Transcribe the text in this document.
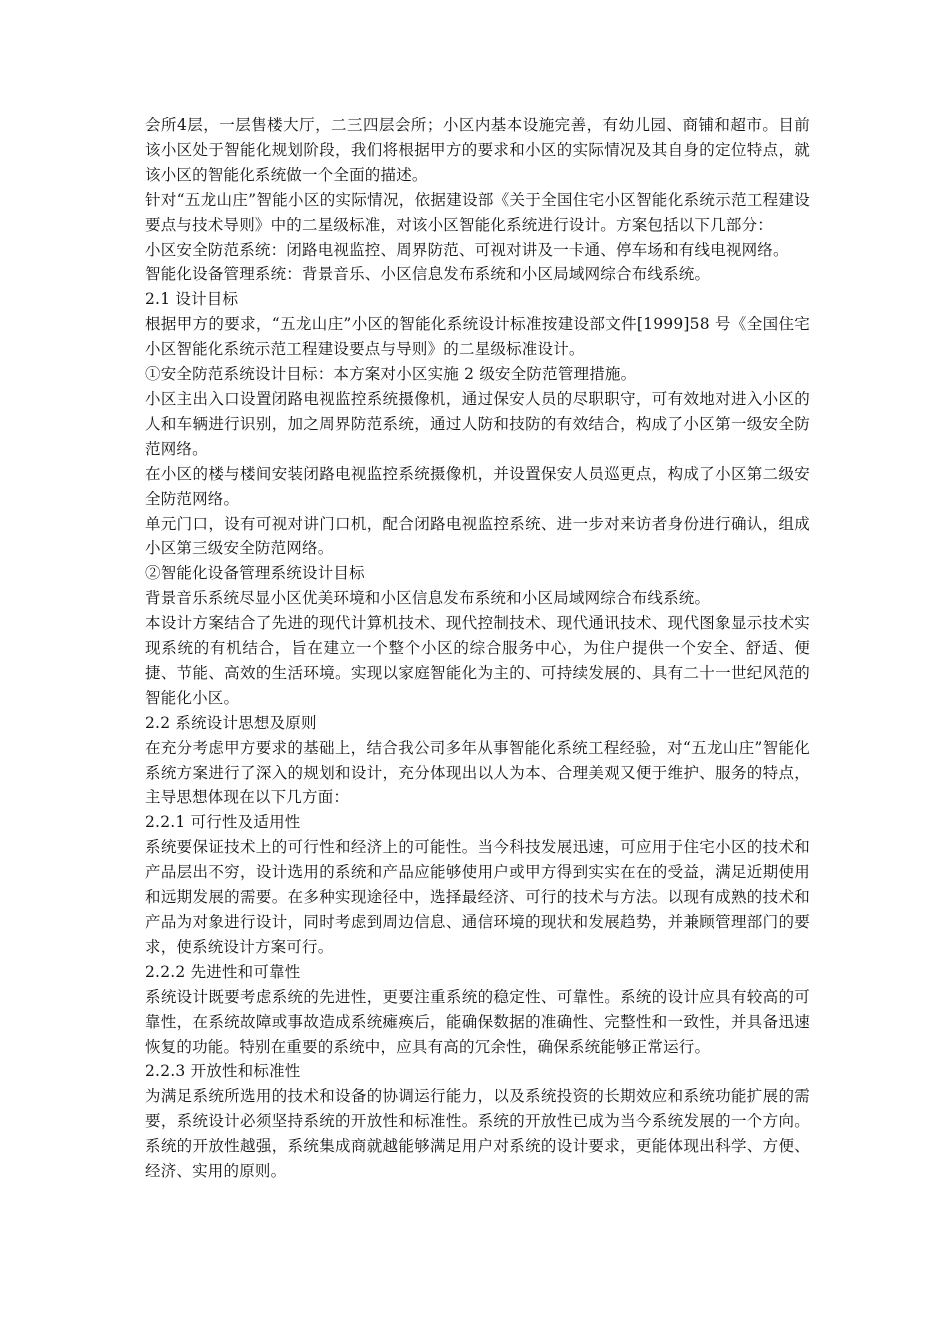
会所4层，一层售楼大厅，二三四层会所；小区内基本设施完善，有幼儿园、商铺和超市。目前该小区处于智能化规划阶段，我们将根据甲方的要求和小区的实际情况及其自身的定位特点，就该小区的智能化系统做一个全面的描述。

针对“五龙山庄”智能小区的实际情况，依据建设部《关于全国住宅小区智能化系统示范工程建设要点与技术导则》中的二星级标准，对该小区智能化系统进行设计。方案包括以下几部分：

小区安全防范系统：闭路电视监控、周界防范、可视对讲及一卡通、停车场和有线电视网络。

智能化设备管理系统：背景音乐、小区信息发布系统和小区局域网综合布线系统。

2.1 设计目标

根据甲方的要求，“五龙山庄”小区的智能化系统设计标准按建设部文件[1999]58 号《全国住宅小区智能化系统示范工程建设要点与导则》的二星级标准设计。

①安全防范系统设计目标：本方案对小区实施 2 级安全防范管理措施。

小区主出入口设置闭路电视监控系统摄像机，通过保安人员的尽职职守，可有效地对进入小区的人和车辆进行识别，加之周界防范系统，通过人防和技防的有效结合，构成了小区第一级安全防范网络。

在小区的楼与楼间安装闭路电视监控系统摄像机，并设置保安人员巡更点，构成了小区第二级安全防范网络。

单元门口，设有可视对讲门口机，配合闭路电视监控系统、进一步对来访者身份进行确认，组成小区第三级安全防范网络。

②智能化设备管理系统设计目标

背景音乐系统尽显小区优美环境和小区信息发布系统和小区局域网综合布线系统。

本设计方案结合了先进的现代计算机技术、现代控制技术、现代通讯技术、现代图象显示技术实现系统的有机结合，旨在建立一个整个小区的综合服务中心，为住户提供一个安全、舒适、便捷、节能、高效的生活环境。实现以家庭智能化为主的、可持续发展的、具有二十一世纪风范的智能化小区。

2.2 系统设计思想及原则

在充分考虑甲方要求的基础上，结合我公司多年从事智能化系统工程经验，对“五龙山庄”智能化系统方案进行了深入的规划和设计，充分体现出以人为本、合理美观又便于维护、服务的特点，主导思想体现在以下几方面：

2.2.1 可行性及适用性

系统要保证技术上的可行性和经济上的可能性。当今科技发展迅速，可应用于住宅小区的技术和产品层出不穷，设计选用的系统和产品应能够使用户或甲方得到实实在在的受益，满足近期使用和远期发展的需要。在多种实现途径中，选择最经济、可行的技术与方法。以现有成熟的技术和产品为对象进行设计，同时考虑到周边信息、通信环境的现状和发展趋势，并兼顾管理部门的要求，使系统设计方案可行。

2.2.2 先进性和可靠性

系统设计既要考虑系统的先进性，更要注重系统的稳定性、可靠性。系统的设计应具有较高的可靠性，在系统故障或事故造成系统瘫痪后，能确保数据的准确性、完整性和一致性，并具备迅速恢复的功能。特别在重要的系统中，应具有高的冗余性，确保系统能够正常运行。

2.2.3 开放性和标准性

为满足系统所选用的技术和设备的协调运行能力，以及系统投资的长期效应和系统功能扩展的需要，系统设计必须坚持系统的开放性和标准性。系统的开放性已成为当今系统发展的一个方向。系统的开放性越强，系统集成商就越能够满足用户对系统的设计要求，更能体现出科学、方便、经济、实用的原则。
